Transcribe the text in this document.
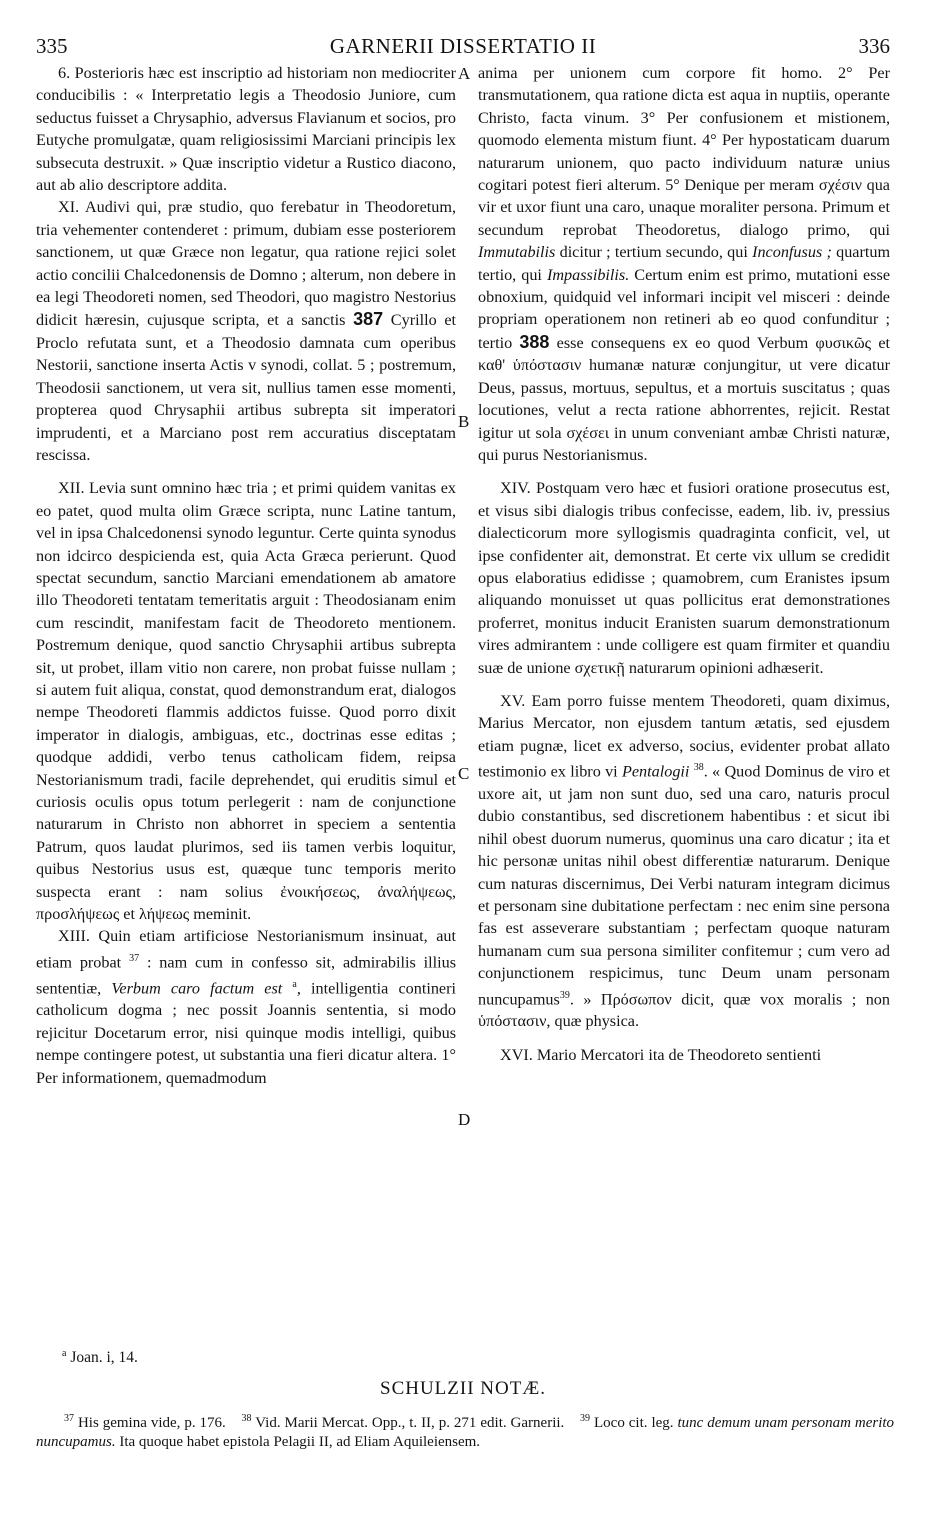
335	GARNERII DISSERTATIO II	336

6. Posterioris hæc est inscriptio ad historiam non mediocriter conducibilis : « Interpretatio legis a Theodosio Juniore, cum seductus fuisset a Chrysaphio, adversus Flavianum et socios, pro Eutyche promulgatæ, quam religiosissimi Marciani principis lex subsecuta destruxit. » Quæ inscriptio videtur a Rustico diacono, aut ab alio descriptore addita.

XI. Audivi qui, præ studio, quo ferebatur in Theodoretum, tria vehementer contenderet : primum, dubiam esse posteriorem sanctionem, ut quæ Græce non legatur, qua ratione rejici solet actio concilii Chalcedonensis de Domno ; alterum, non debere in ea legi Theodoreti nomen, sed Theodori, quo magistro Nestorius didicit hæresin, cujusque scripta, et a sanctis 387 Cyrillo et Proclo refutata sunt, et a Theodosio damnata cum operibus Nestorii, sanctione inserta Actis v synodi, collat. 5 ; postremum, Theodosii sanctionem, ut vera sit, nullius tamen esse momenti, propterea quod Chrysaphii artibus subrepta sit imperatori imprudenti, et a Marciano post rem accuratius disceptatam rescissa.

XII. Levia sunt omnino hæc tria ; et primi quidem vanitas ex eo patet, quod multa olim Græce scripta, nunc Latine tantum, vel in ipsa Chalcedonensi synodo leguntur. Certe quinta synodus non idcirco despicienda est, quia Acta Græca perierunt. Quod spectat secundum, sanctio Marciani emendationem ab amatore illo Theodoreti tentatam temeritatis arguit : Theodosianam enim cum rescindit, manifestam facit de Theodoreto mentionem. Postremum denique, quod sanctio Chrysaphii artibus subrepta sit, ut probet, illam vitio non carere, non probat fuisse nullam ; si autem fuit aliqua, constat, quod demonstrandum erat, dialogos nempe Theodoreti flammis addictos fuisse. Quod porro dixit imperator in dialogis, ambiguas, etc., doctrinas esse editas ; quodque addidi, verbo tenus catholicam fidem, reipsa Nestorianismum tradi, facile deprehendet, qui eruditis simul et curiosis oculis opus totum perlegerit : nam de conjunctione naturarum in Christo non abhorret in speciem a sententia Patrum, quos laudat plurimos, sed iis tamen verbis loquitur, quibus Nestorius usus est, quæque tunc temporis merito suspecta erant : nam solius ἐνοικήσεως, ἀναλήψεως, προσλήψεως et λήψεως meminit.

XIII. Quin etiam artificiose Nestorianismum insinuat, aut etiam probat $^{37}$ : nam cum in confesso sit, admirabilis illius sententiæ, Verbum caro factum est $^a$, intelligentia contineri catholicum dogma ; nec possit Joannis sententia, si modo rejicitur Docetarum error, nisi quinque modis intelligi, quibus nempe contingere potest, ut substantia una fieri dicatur altera. 1° Per informationem, quemadmodum

A
B
C
D

anima per unionem cum corpore fit homo. 2° Per transmutationem, qua ratione dicta est aqua in nuptiis, operante Christo, facta vinum. 3° Per confusionem et mistionem, quomodo elementa mistum fiunt. 4° Per hypostaticam duarum naturarum unionem, quo pacto individuum naturæ unius cogitari potest fieri alterum. 5° Denique per meram σχέσιν qua vir et uxor fiunt una caro, unaque moraliter persona. Primum et secundum reprobat Theodoretus, dialogo primo, qui Immutabilis dicitur ; tertium secundo, qui Inconfusus ; quartum tertio, qui Impassibilis. Certum enim est primo, mutationi esse obnoxium, quidquid vel informari incipit vel misceri : deinde propriam operationem non retineri ab eo quod confunditur ; tertio 388 esse consequens ex eo quod Verbum φυσικῶς et καθ' ὑπόστασιν humanæ naturæ conjungitur, ut vere dicatur Deus, passus, mortuus, sepultus, et a mortuis suscitatus ; quas locutiones, velut a recta ratione abhorrentes, rejicit. Restat igitur ut sola σχέσει in unum conveniant ambæ Christi naturæ, qui purus Nestorianismus.

XIV. Postquam vero hæc et fusiori oratione prosecutus est, et visus sibi dialogis tribus confecisse, eadem, lib. iv, pressius dialecticorum more syllogismis quadraginta conficit, vel, ut ipse confidenter ait, demonstrat. Et certe vix ullum se credidit opus elaboratius edidisse ; quamobrem, cum Eranistes ipsum aliquando monuisset ut quas pollicitus erat demonstrationes proferret, monitus inducit Eranisten suarum demonstrationum vires admirantem : unde colligere est quam firmiter et quandiu suæ de unione σχετικῇ naturarum opinioni adhæserit.

XV. Eam porro fuisse mentem Theodoreti, quam diximus, Marius Mercator, non ejusdem tantum ætatis, sed ejusdem etiam pugnæ, licet ex adverso, socius, evidenter probat allato testimonio ex libro vi Pentalogii $^{38}$. « Quod Dominus de viro et uxore ait, ut jam non sunt duo, sed una caro, naturis procul dubio constantibus, sed discretionem habentibus : et sicut ibi nihil obest duorum numerus, quominus una caro dicatur ; ita et hic personæ unitas nihil obest differentiæ naturarum. Denique cum naturas discernimus, Dei Verbi naturam integram dicimus et personam sine dubitatione perfectam : nec enim sine persona fas est asseverare substantiam ; perfectam quoque naturam humanam cum sua persona similiter confitemur ; cum vero ad conjunctionem respicimus, tunc Deum unam personam nuncupamus$^{39}$. » Πρόσωπον dicit, quæ vox moralis ; non ὑπόστασιν, quæ physica.

XVI. Mario Mercatori ita de Theodoreto sentienti

$^a$ Joan. i, 14.
SCHULZII NOTÆ.

$^{37}$ His gemina vide, p. 176. $^{38}$ Vid. Marii Mercat. Opp., t. II, p. 271 edit. Garnerii. $^{39}$ Loco cit. leg. tunc demum unam personam merito nuncupamus. Ita quoque habet epistola Pelagii II, ad Eliam Aquileiensem.
